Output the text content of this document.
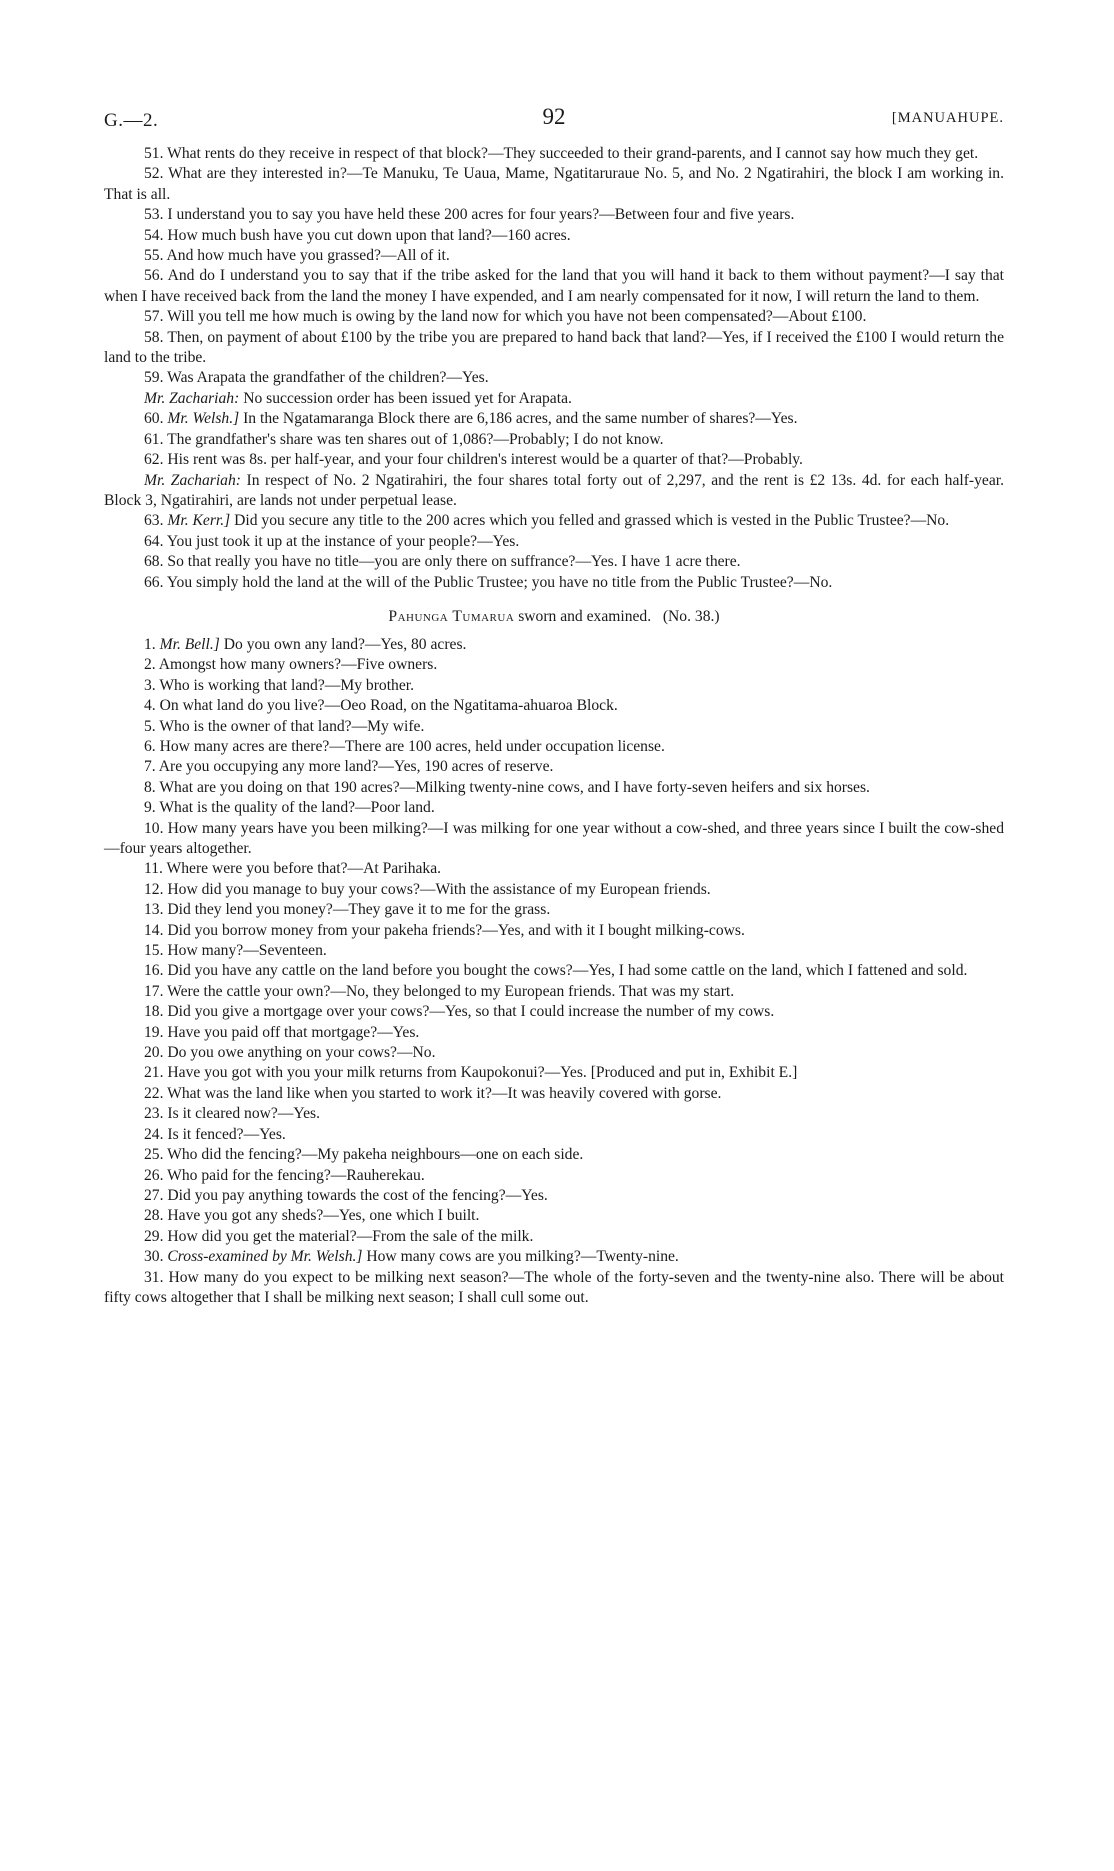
G.—2.	92	[MANUAHUPE.

51. What rents do they receive in respect of that block?—They succeeded to their grand-parents, and I cannot say how much they get.

52. What are they interested in?—Te Manuku, Te Uaua, Mame, Ngatitaruraue No. 5, and No. 2 Ngatirahiri, the block I am working in. That is all.

53. I understand you to say you have held these 200 acres for four years?—Between four and five years.

54. How much bush have you cut down upon that land?—160 acres.

55. And how much have you grassed?—All of it.

56. And do I understand you to say that if the tribe asked for the land that you will hand it back to them without payment?—I say that when I have received back from the land the money I have expended, and I am nearly compensated for it now, I will return the land to them.

57. Will you tell me how much is owing by the land now for which you have not been compensated?—About £100.

58. Then, on payment of about £100 by the tribe you are prepared to hand back that land?—Yes, if I received the £100 I would return the land to the tribe.

59. Was Arapata the grandfather of the children?—Yes.

Mr. Zachariah: No succession order has been issued yet for Arapata.

60. Mr. Welsh.] In the Ngatamaranga Block there are 6,186 acres, and the same number of shares?—Yes.

61. The grandfather's share was ten shares out of 1,086?—Probably; I do not know.

62. His rent was 8s. per half-year, and your four children's interest would be a quarter of that?—Probably.

Mr. Zachariah: In respect of No. 2 Ngatirahiri, the four shares total forty out of 2,297, and the rent is £2 13s. 4d. for each half-year. Block 3, Ngatirahiri, are lands not under perpetual lease.

63. Mr. Kerr.] Did you secure any title to the 200 acres which you felled and grassed which is vested in the Public Trustee?—No.

64. You just took it up at the instance of your people?—Yes.

68. So that really you have no title—you are only there on suffrance?—Yes. I have 1 acre there.

66. You simply hold the land at the will of the Public Trustee; you have no title from the Public Trustee?—No.

Pahunga Tumarua sworn and examined. (No. 38.)

1. Mr. Bell.] Do you own any land?—Yes, 80 acres.

2. Amongst how many owners?—Five owners.

3. Who is working that land?—My brother.

4. On what land do you live?—Oeo Road, on the Ngatitama-ahuaroa Block.

5. Who is the owner of that land?—My wife.

6. How many acres are there?—There are 100 acres, held under occupation license.

7. Are you occupying any more land?—Yes, 190 acres of reserve.

8. What are you doing on that 190 acres?—Milking twenty-nine cows, and I have forty-seven heifers and six horses.

9. What is the quality of the land?—Poor land.

10. How many years have you been milking?—I was milking for one year without a cow-shed, and three years since I built the cow-shed—four years altogether.

11. Where were you before that?—At Parihaka.

12. How did you manage to buy your cows?—With the assistance of my European friends.

13. Did they lend you money?—They gave it to me for the grass.

14. Did you borrow money from your pakeha friends?—Yes, and with it I bought milking-cows.

15. How many?—Seventeen.

16. Did you have any cattle on the land before you bought the cows?—Yes, I had some cattle on the land, which I fattened and sold.

17. Were the cattle your own?—No, they belonged to my European friends. That was my start.

18. Did you give a mortgage over your cows?—Yes, so that I could increase the number of my cows.

19. Have you paid off that mortgage?—Yes.

20. Do you owe anything on your cows?—No.

21. Have you got with you your milk returns from Kaupokonui?—Yes. [Produced and put in, Exhibit E.]

22. What was the land like when you started to work it?—It was heavily covered with gorse.

23. Is it cleared now?—Yes.

24. Is it fenced?—Yes.

25. Who did the fencing?—My pakeha neighbours—one on each side.

26. Who paid for the fencing?—Rauherekau.

27. Did you pay anything towards the cost of the fencing?—Yes.

28. Have you got any sheds?—Yes, one which I built.

29. How did you get the material?—From the sale of the milk.

30. Cross-examined by Mr. Welsh.] How many cows are you milking?—Twenty-nine.

31. How many do you expect to be milking next season?—The whole of the forty-seven and the twenty-nine also. There will be about fifty cows altogether that I shall be milking next season; I shall cull some out.
